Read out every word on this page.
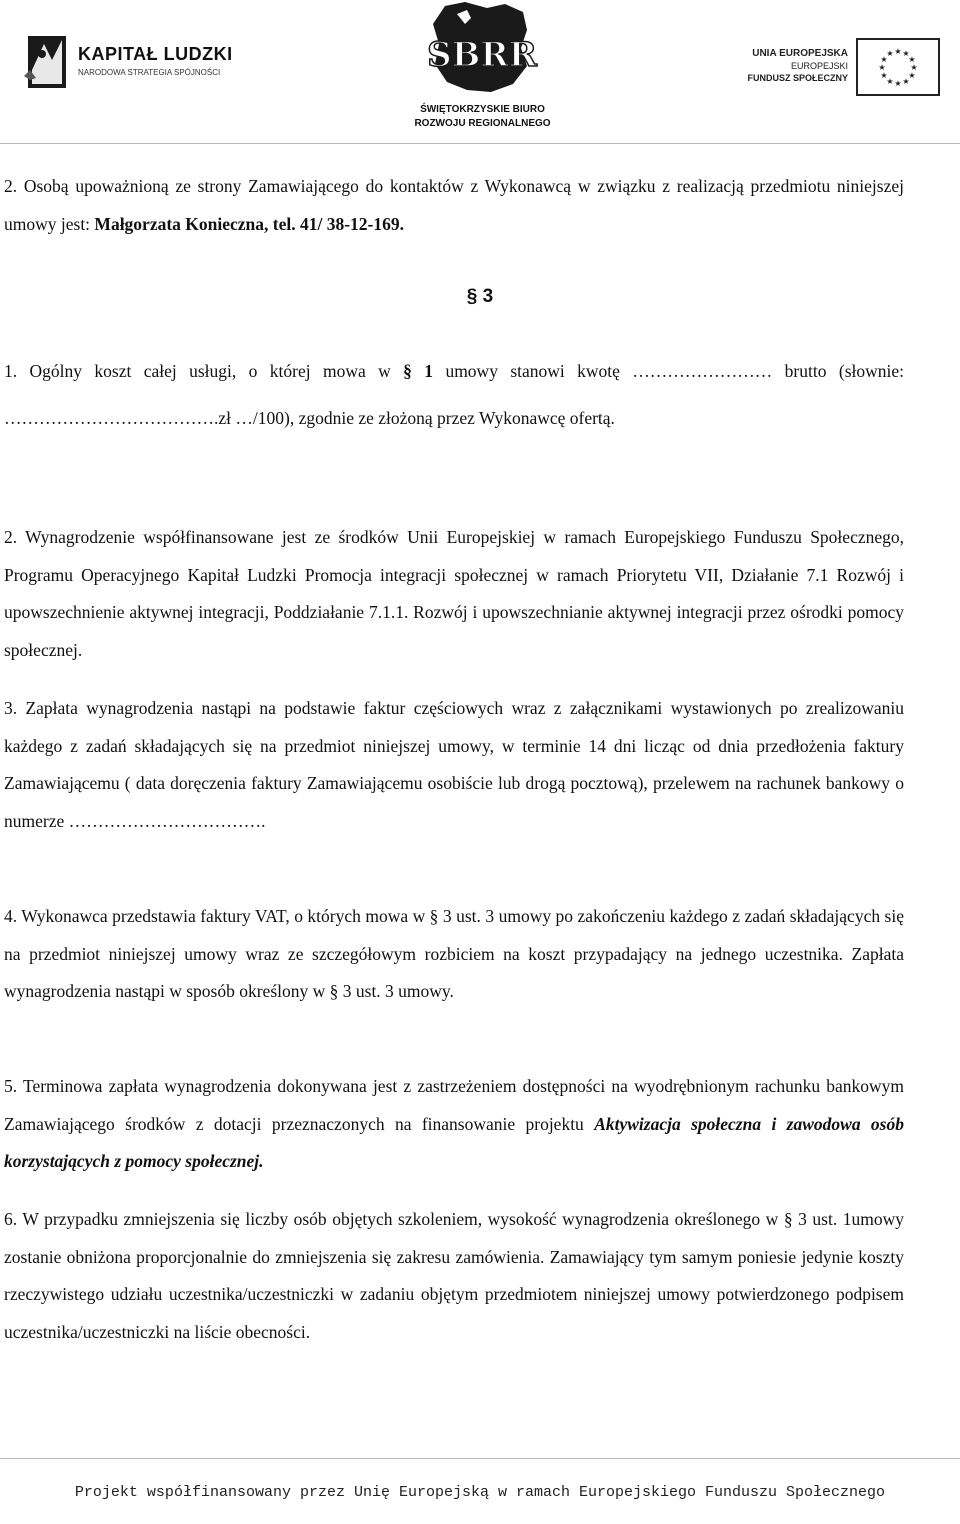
KAPITAŁ LUDZKI
NARODOWA STRATEGIA SPÓJNOŚCI	SBRR
ŚWIĘTOKRZYSKIE BIURO
ROZWOJU REGIONALNEGO
UNIA EUROPEJSKA
EUROPEJSKI
FUNDUSZ SPOŁECZNY
★ ★
★
★
★
★
★
★
★
★
★
★

2. Osobą upoważnioną ze strony Zamawiającego do kontaktów z Wykonawcą w związku z realizacją przedmiotu niniejszej umowy jest: Małgorzata Konieczna, tel. 41/ 38-12-169.

§ 3

1. Ogólny koszt całej usługi, o której mowa w § 1 umowy stanowi kwotę …………………… brutto (słownie: ……………………………….zł …/100), zgodnie ze złożoną przez Wykonawcę ofertą.

2. Wynagrodzenie współfinansowane jest ze środków Unii Europejskiej w ramach Europejskiego Funduszu Społecznego, Programu Operacyjnego Kapitał Ludzki Promocja integracji społecznej w ramach Priorytetu VII, Działanie 7.1 Rozwój i upowszechnienie aktywnej integracji, Poddziałanie 7.1.1. Rozwój i upowszechnianie aktywnej integracji przez ośrodki pomocy społecznej.

3. Zapłata wynagrodzenia nastąpi na podstawie faktur częściowych wraz z załącznikami wystawionych po zrealizowaniu każdego z zadań składających się na przedmiot niniejszej umowy, w terminie 14 dni licząc od dnia przedłożenia faktury Zamawiającemu ( data doręczenia faktury Zamawiającemu osobiście lub drogą pocztową), przelewem na rachunek bankowy o numerze …………………………….

4. Wykonawca przedstawia faktury VAT, o których mowa w § 3 ust. 3 umowy po zakończeniu każdego z zadań składających się na przedmiot niniejszej umowy wraz ze szczegółowym rozbiciem na koszt przypadający na jednego uczestnika. Zapłata wynagrodzenia nastąpi w sposób określony w § 3 ust. 3 umowy.

5. Terminowa zapłata wynagrodzenia dokonywana jest z zastrzeżeniem dostępności na wyodrębnionym rachunku bankowym Zamawiającego środków z dotacji przeznaczonych na finansowanie projektu Aktywizacja społeczna i zawodowa osób korzystających z pomocy społecznej.

6. W przypadku zmniejszenia się liczby osób objętych szkoleniem, wysokość wynagrodzenia określonego w § 3 ust. 1umowy zostanie obniżona proporcjonalnie do zmniejszenia się zakresu zamówienia. Zamawiający tym samym poniesie jedynie koszty rzeczywistego udziału uczestnika/uczestniczki w zadaniu objętym przedmiotem niniejszej umowy potwierdzonego podpisem uczestnika/uczestniczki na liście obecności.

Projekt współfinansowany przez Unię Europejską w ramach Europejskiego Funduszu Społecznego
